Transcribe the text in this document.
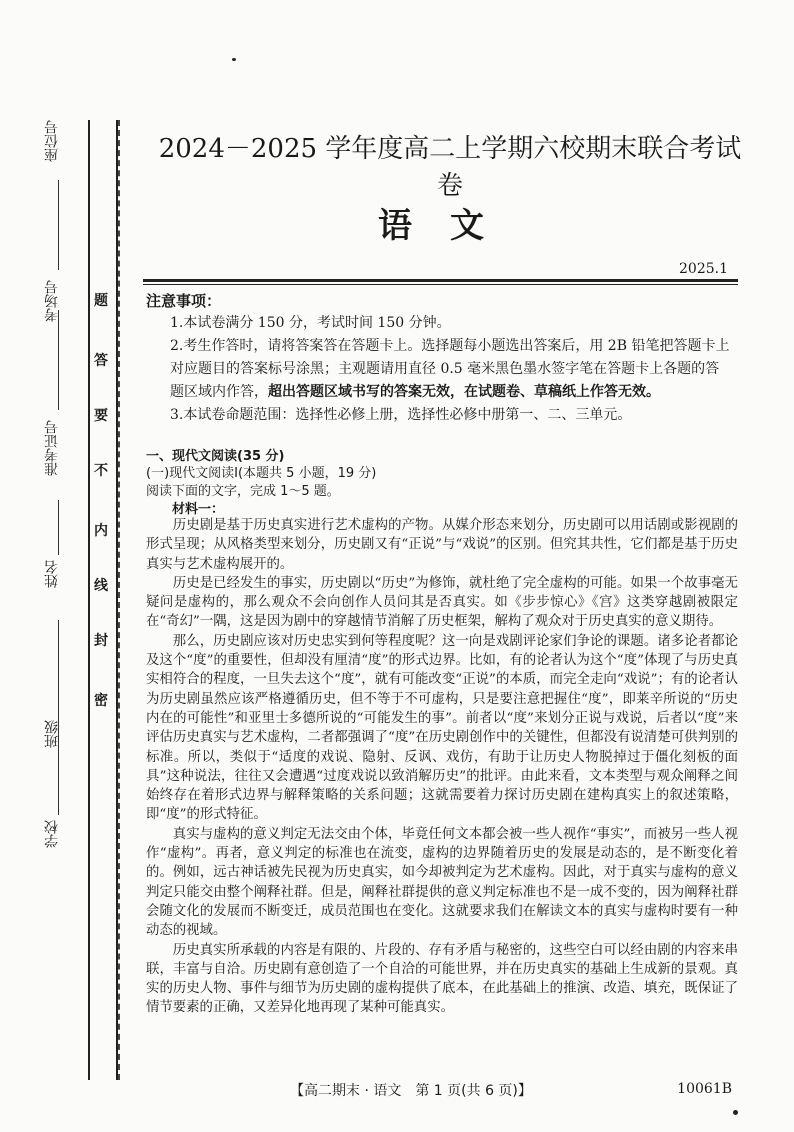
学校
班级
姓名
准考证号
考场号
座位号
密
封
线
内
不
要
答
题
2024－2025 学年度高二上学期六校期末联合考试卷
语文
2025.1
注意事项：
1.本试卷满分 150 分，考试时间 150 分钟。
2.考生作答时，请将答案答在答题卡上。选择题每小题选出答案后，用 2B 铅笔把答题卡上对应题目的答案标号涂黑；主观题请用直径 0.5 毫米黑色墨水签字笔在答题卡上各题的答题区域内作答，超出答题区域书写的答案无效，在试题卷、草稿纸上作答无效。
3.本试卷命题范围：选择性必修上册，选择性必修中册第一、二、三单元。
一、现代文阅读(35 分)
(一)现代文阅读Ⅰ(本题共 5 小题，19 分)
阅读下面的文字，完成 1～5 题。
材料一：

历史剧是基于历史真实进行艺术虚构的产物。从媒介形态来划分，历史剧可以用话剧或影视剧的形式呈现；从风格类型来划分，历史剧又有“正说”与“戏说”的区别。但究其共性，它们都是基于历史真实与艺术虚构展开的。

历史是已经发生的事实，历史剧以“历史”为修饰，就杜绝了完全虚构的可能。如果一个故事毫无疑问是虚构的，那么观众不会向创作人员问其是否真实。如《步步惊心》《宫》这类穿越剧被限定在“奇幻”一隅，这是因为剧中的穿越情节消解了历史框架，解构了观众对于历史真实的意义期待。

那么，历史剧应该对历史忠实到何等程度呢？这一向是戏剧评论家们争论的课题。诸多论者都论及这个“度”的重要性，但却没有厘清“度”的形式边界。比如，有的论者认为这个“度”体现了与历史真实相符合的程度，一旦失去这个“度”，就有可能改变“正说”的本质，而完全走向“戏说”；有的论者认为历史剧虽然应该严格遵循历史，但不等于不可虚构，只是要注意把握住“度”，即莱辛所说的“历史内在的可能性”和亚里士多德所说的“可能发生的事”。前者以“度”来划分正说与戏说，后者以“度”来评估历史真实与艺术虚构，二者都强调了“度”在历史剧创作中的关键性，但都没有说清楚可供判别的标准。所以，类似于“适度的戏说、隐射、反讽、戏仿，有助于让历史人物脱掉过于僵化刻板的面具”这种说法，往往又会遭遇“过度戏说以致消解历史”的批评。由此来看，文本类型与观众阐释之间始终存在着形式边界与解释策略的关系问题；这就需要着力探讨历史剧在建构真实上的叙述策略，即“度”的形式特征。

真实与虚构的意义判定无法交由个体，毕竟任何文本都会被一些人视作“事实”，而被另一些人视作“虚构”。再者，意义判定的标准也在流变，虚构的边界随着历史的发展是动态的，是不断变化着的。例如，远古神话被先民视为历史真实，如今却被判定为艺术虚构。因此，对于真实与虚构的意义判定只能交由整个阐释社群。但是，阐释社群提供的意义判定标准也不是一成不变的，因为阐释社群会随文化的发展而不断变迁，成员范围也在变化。这就要求我们在解读文本的真实与虚构时要有一种动态的视域。

历史真实所承载的内容是有限的、片段的、存有矛盾与秘密的，这些空白可以经由剧的内容来串联，丰富与自洽。历史剧有意创造了一个自洽的可能世界，并在历史真实的基础上生成新的景观。真实的历史人物、事件与细节为历史剧的虚构提供了底本，在此基础上的推演、改造、填充，既保证了情节要素的正确，又差异化地再现了某种可能真实。

【高二期末 · 语文　第 1 页(共 6 页)】	10061B
